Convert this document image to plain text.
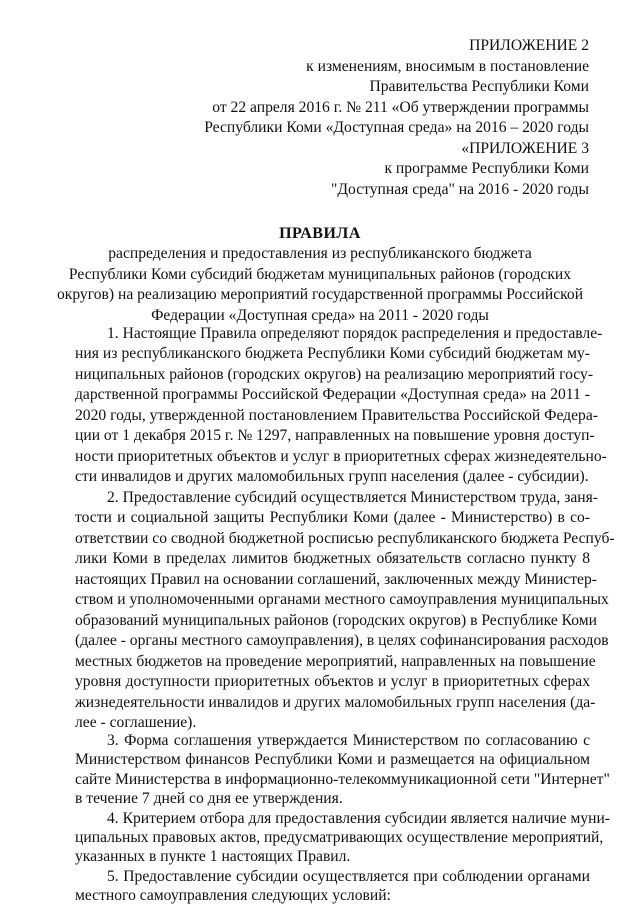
ПРИЛОЖЕНИЕ 2

к изменениям, вносимым в постановление

Правительства Республики Коми

от 22 апреля 2016 г. № 211 «Об утверждении программы

Республики Коми «Доступная среда» на 2016 – 2020 годы

«ПРИЛОЖЕНИЕ 3

к программе Республики Коми

"Доступная среда" на 2016 - 2020 годы

ПРАВИЛА

распределения и предоставления из республиканского бюджета

Республики Коми субсидий бюджетам муниципальных районов (городских

округов) на реализацию мероприятий государственной программы Российской

Федерации «Доступная среда» на 2011 - 2020 годы

1. Настоящие Правила определяют порядок распределения и предоставле-

ния из республиканского бюджета Республики Коми субсидий бюджетам му-

ниципальных районов (городских округов) на реализацию мероприятий госу-

дарственной программы Российской Федерации «Доступная среда» на 2011 -

2020 годы, утвержденной постановлением Правительства Российской Федера-

ции от 1 декабря 2015 г. № 1297, направленных на повышение уровня доступ-

ности приоритетных объектов и услуг в приоритетных сферах жизнедеятельно-

сти инвалидов и других маломобильных групп населения (далее - субсидии).

2. Предоставление субсидий осуществляется Министерством труда, заня-

тости и социальной защиты Республики Коми (далее - Министерство) в со-

ответствии со сводной бюджетной росписью республиканского бюджета Респуб-

лики Коми в пределах лимитов бюджетных обязательств согласно пункту 8

настоящих Правил на основании соглашений, заключенных между Министер-

ством и уполномоченными органами местного самоуправления муниципальных

образований муниципальных районов (городских округов) в Республике Коми

(далее - органы местного самоуправления), в целях софинансирования расходов

местных бюджетов на проведение мероприятий, направленных на повышение

уровня доступности приоритетных объектов и услуг в приоритетных сферах

жизнедеятельности инвалидов и других маломобильных групп населения (да-

лее - соглашение).

3. Форма соглашения утверждается Министерством по согласованию с

Министерством финансов Республики Коми и размещается на официальном

сайте Министерства в информационно-телекоммуникационной сети "Интернет"

в течение 7 дней со дня ее утверждения.

4. Критерием отбора для предоставления субсидии является наличие муни-

ципальных правовых актов, предусматривающих осуществление мероприятий,

указанных в пункте 1 настоящих Правил.

5. Предоставление субсидии осуществляется при соблюдении органами

местного самоуправления следующих условий:
